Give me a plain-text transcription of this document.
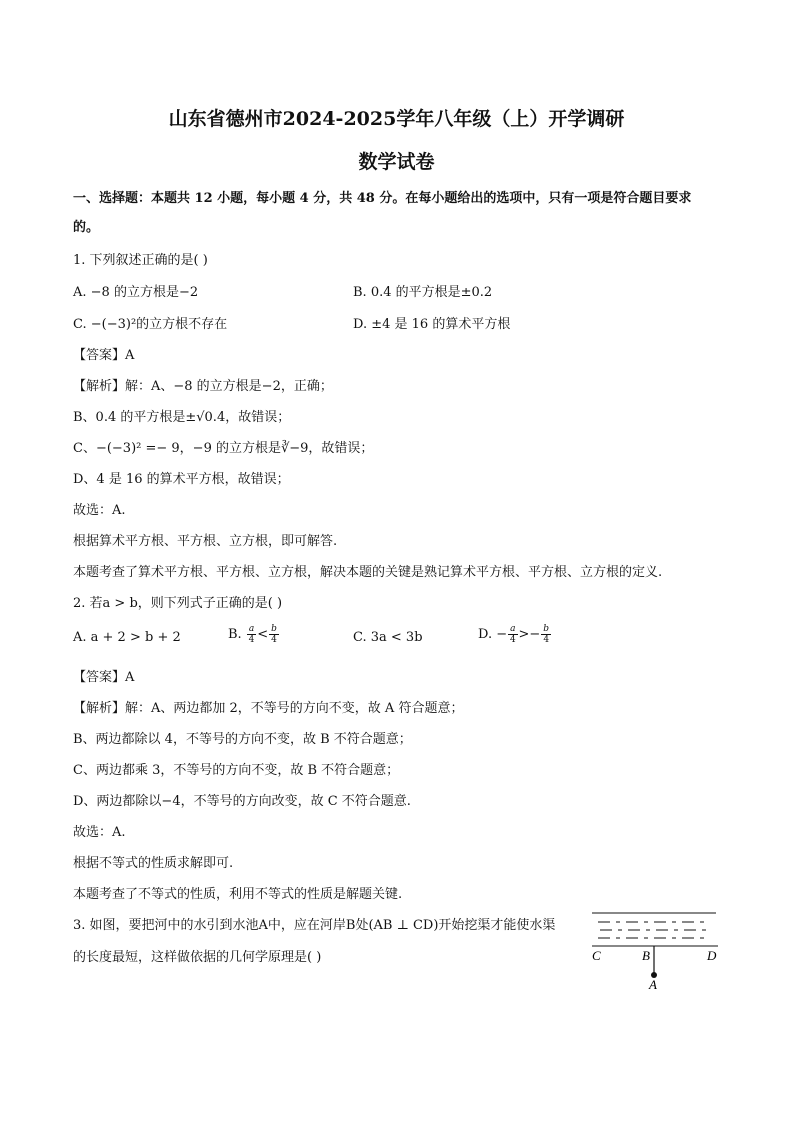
山东省德州市2024-2025学年八年级（上）开学调研
数学试卷
一、选择题：本题共 12 小题，每小题 4 分，共 48 分。在每小题给出的选项中，只有一项是符合题目要求
的。
1. 下列叙述正确的是( )
A. −8 的立方根是−2	B. 0.4 的平方根是±0.2
C. −(−3)²的立方根不存在	D. ±4 是 16 的算术平方根
【答案】A
【解析】解：A、−8 的立方根是−2，正确；
B、0.4 的平方根是±√0.4，故错误；
C、−(−3)² =− 9，−9 的立方根是∛−9，故错误；
D、4 是 16 的算术平方根，故错误；
故选：A.
根据算术平方根、平方根、立方根，即可解答.
本题考查了算术平方根、平方根、立方根，解决本题的关键是熟记算术平方根、平方根、立方根的定义.
2. 若a > b，则下列式子正确的是( )
A. a + 2 > b + 2	B. $\frac{a}{4} < \frac{b}{4}$	C. 3a < 3b	D. − $\frac{a}{4} >- \frac{b}{4}$
【答案】A
【解析】解：A、两边都加 2，不等号的方向不变，故 A 符合题意；
B、两边都除以 4，不等号的方向不变，故 B 不符合题意；
C、两边都乘 3，不等号的方向不变，故 B 不符合题意；
D、两边都除以−4，不等号的方向改变，故 C 不符合题意.
故选：A.
根据不等式的性质求解即可.
本题考查了不等式的性质，利用不等式的性质是解题关键.
3. 如图，要把河中的水引到水池A中，应在河岸B处(AB ⊥ CD)开始挖渠才能使水渠
的长度最短，这样做依据的几何学原理是( )	C	B	D
A
